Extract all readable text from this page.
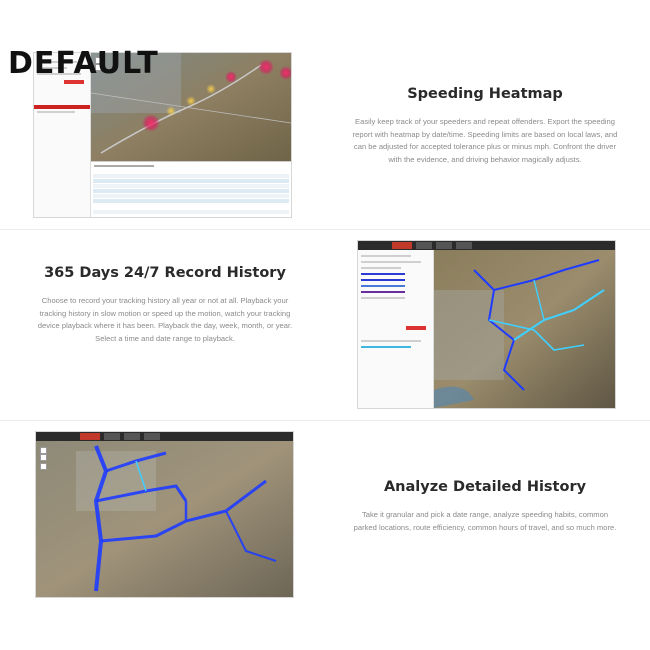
DEFAULT
Speeding Heatmap
Easily keep track of your speeders and repeat offenders. Export the speeding report with heatmap by date/time. Speeding limits are based on local laws, and can be adjusted for accepted tolerance plus or minus mph. Confront the driver with the evidence, and driving behavior magically adjusts.
365 Days 24/7 Record History
Choose to record your tracking history all year or not at all. Playback your tracking history in slow motion or speed up the motion, watch your tracking device playback where it has been. Playback the day, week, month, or year. Select a time and date range to playback.
Analyze Detailed History
Take it granular and pick a date range, analyze speeding habits, common parked locations, route efficiency, common hours of travel, and so much more.
